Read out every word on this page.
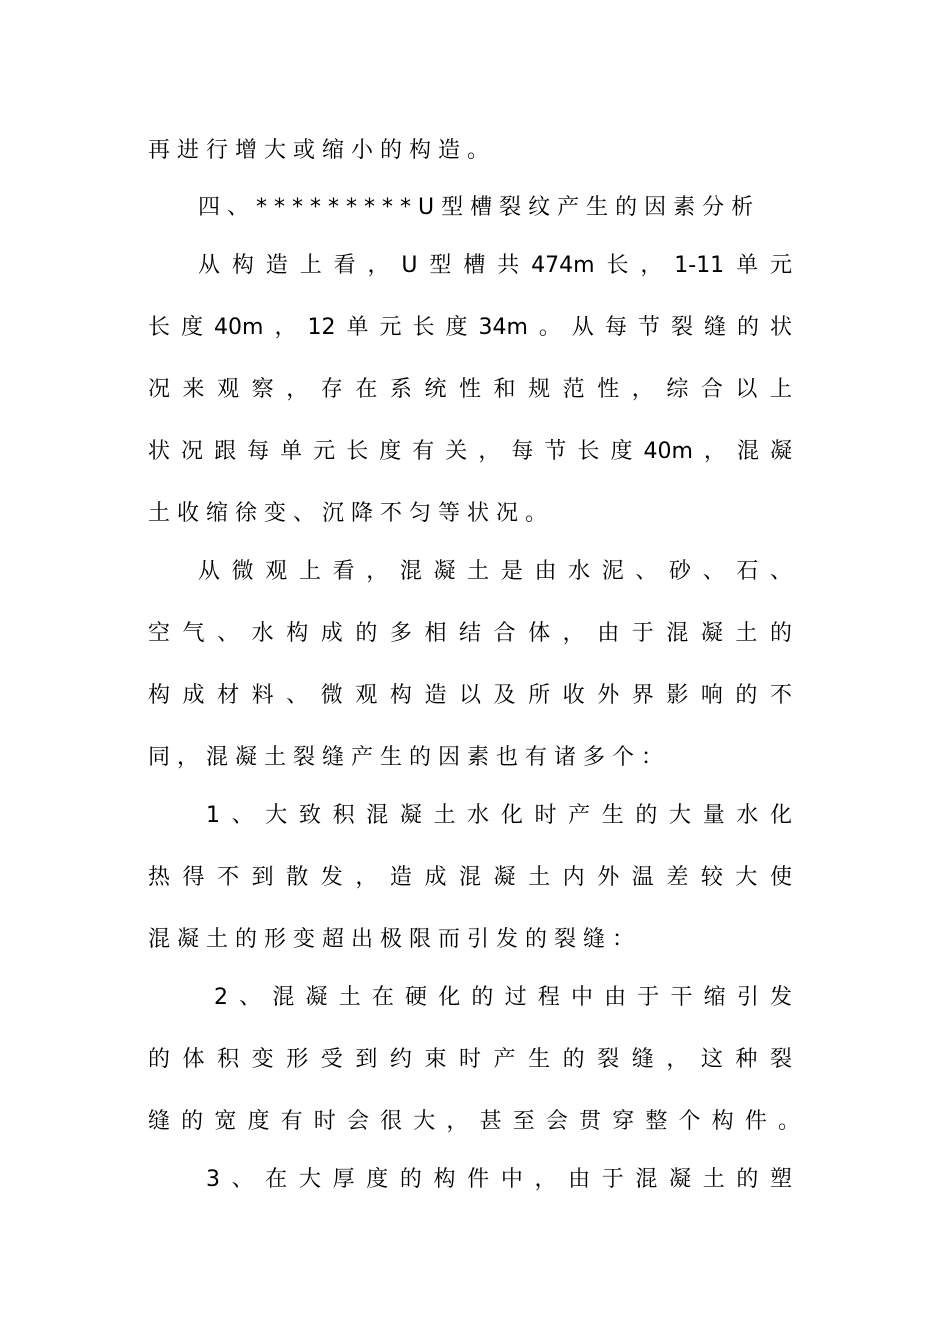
再进行增大或缩小的构造。
四、*********U型槽裂纹产生的因素分析
从构造上看，U型槽共474m长，1-11单元
长度40m，12单元长度34m。从每节裂缝的状
况来观察，存在系统性和规范性，综合以上
状况跟每单元长度有关，每节长度40m，混凝
土收缩徐变、沉降不匀等状况。
从微观上看，混凝土是由水泥、砂、石、
空气、水构成的多相结合体，由于混凝土的
构成材料、微观构造以及所收外界影响的不
同，混凝土裂缝产生的因素也有诸多个：
1、大致积混凝土水化时产生的大量水化
热得不到散发，造成混凝土内外温差较大使
混凝土的形变超出极限而引发的裂缝：
2、混凝土在硬化的过程中由于干缩引发
的体积变形受到约束时产生的裂缝，这种裂
缝的宽度有时会很大，甚至会贯穿整个构件。
3、在大厚度的构件中，由于混凝土的塑
